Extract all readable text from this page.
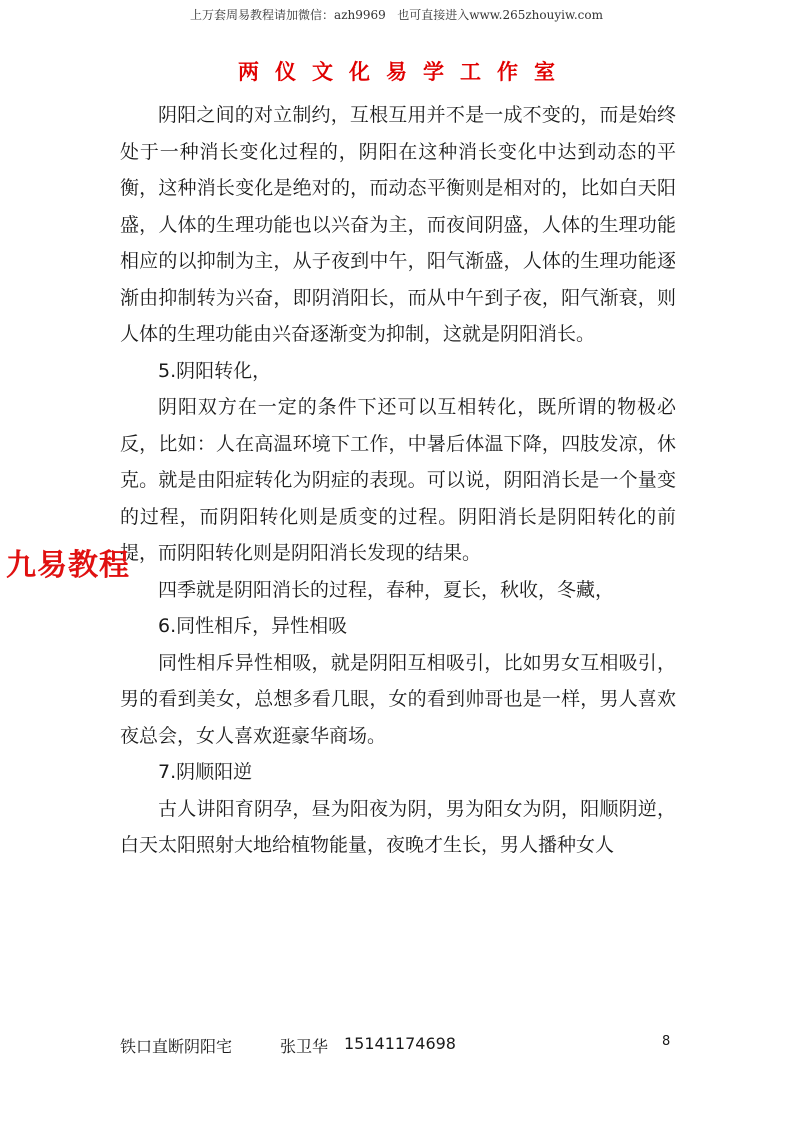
上万套周易教程请加微信：azh9969   也可直接进入www.265zhouyiw.com
两仪文化易学工作室

阴阳之间的对立制约，互根互用并不是一成不变的，而是始终处于一种消长变化过程的，阴阳在这种消长变化中达到动态的平衡，这种消长变化是绝对的，而动态平衡则是相对的，比如白天阳盛，人体的生理功能也以兴奋为主，而夜间阴盛，人体的生理功能相应的以抑制为主，从子夜到中午，阳气渐盛，人体的生理功能逐渐由抑制转为兴奋，即阴消阳长，而从中午到子夜，阳气渐衰，则人体的生理功能由兴奋逐渐变为抑制，这就是阴阳消长。

5.阴阳转化，

阴阳双方在一定的条件下还可以互相转化，既所谓的物极必反，比如：人在高温环境下工作，中暑后体温下降，四肢发凉，休克。就是由阳症转化为阴症的表现。可以说，阴阳消长是一个量变的过程，而阴阳转化则是质变的过程。阴阳消长是阴阳转化的前提，而阴阳转化则是阴阳消长发现的结果。

四季就是阴阳消长的过程，春种，夏长，秋收，冬藏，

6.同性相斥，异性相吸

同性相斥异性相吸，就是阴阳互相吸引，比如男女互相吸引，男的看到美女，总想多看几眼，女的看到帅哥也是一样，男人喜欢夜总会，女人喜欢逛豪华商场。

7.阴顺阳逆

古人讲阳育阴孕，昼为阳夜为阴，男为阳女为阴，阳顺阴逆，白天太阳照射大地给植物能量，夜晚才生长，男人播种女人

九易教程
铁口直断阴阳宅	张卫华 15141174698	8
